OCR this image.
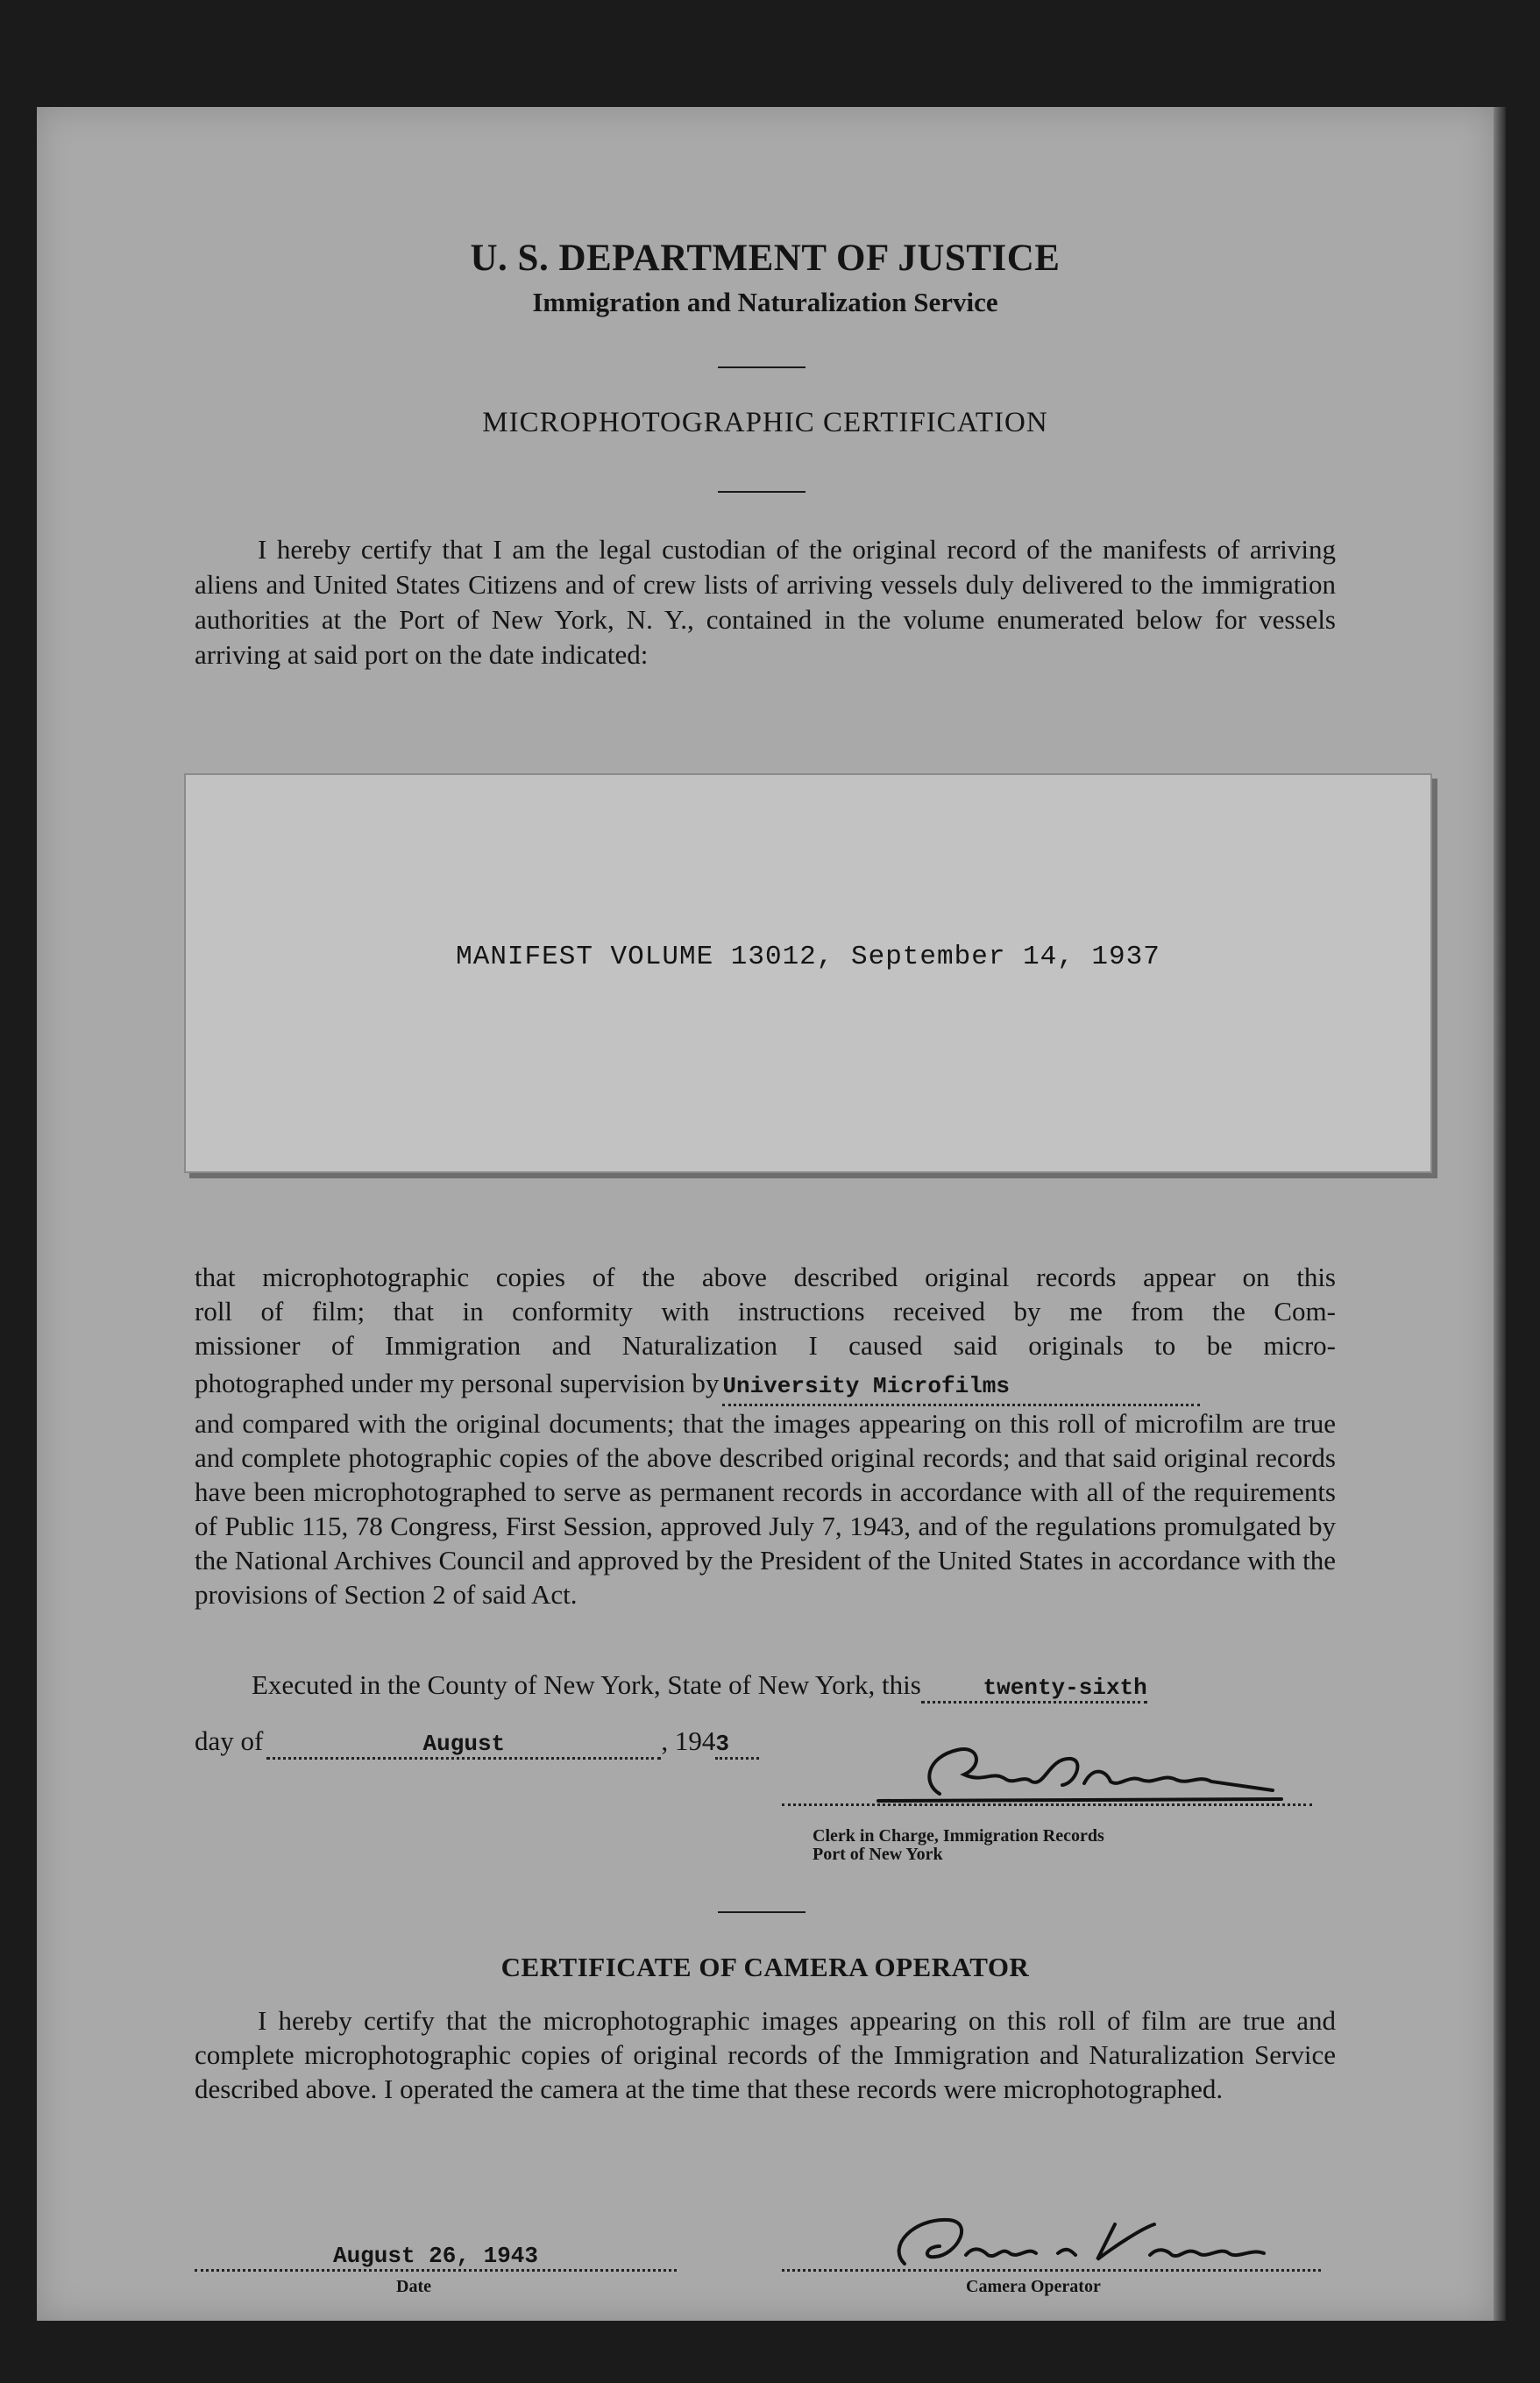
U. S. DEPARTMENT OF JUSTICE
Immigration and Naturalization Service
MICROPHOTOGRAPHIC CERTIFICATION
I hereby certify that I am the legal custodian of the original record of the manifests of arriving aliens and United States Citizens and of crew lists of arriving vessels duly delivered to the immigration authorities at the Port of New York, N. Y., contained in the volume enumerated below for vessels arriving at said port on the date indicated:
MANIFEST VOLUME 13012, September 14, 1937
that microphotographic copies of the above described original records appear on this
roll of film; that in conformity with instructions received by me from the Com-
missioner of Immigration and Naturalization I caused said originals to be micro-
photographed under my personal supervision by University Microfilms
and compared with the original documents; that the images appearing on this roll of microfilm are true and complete photographic copies of the above described original records; and that said original records have been microphotographed to serve as permanent records in accordance with all of the requirements of Public 115, 78 Congress, First Session, approved July 7, 1943, and of the regulations promulgated by the National Archives Council and approved by the President of the United States in accordance with the provisions of Section 2 of said Act.
Executed in the County of New York, State of New York, this	twenty-sixth
day of	August	, 1943
Clerk in Charge, Immigration Records
Port of New York
CERTIFICATE OF CAMERA OPERATOR
I hereby certify that the microphotographic images appearing on this roll of film are true and complete microphotographic copies of original records of the Immigration and Naturalization Service described above. I operated the camera at the time that these records were microphotographed.
August 26, 1943
Date	Camera Operator
